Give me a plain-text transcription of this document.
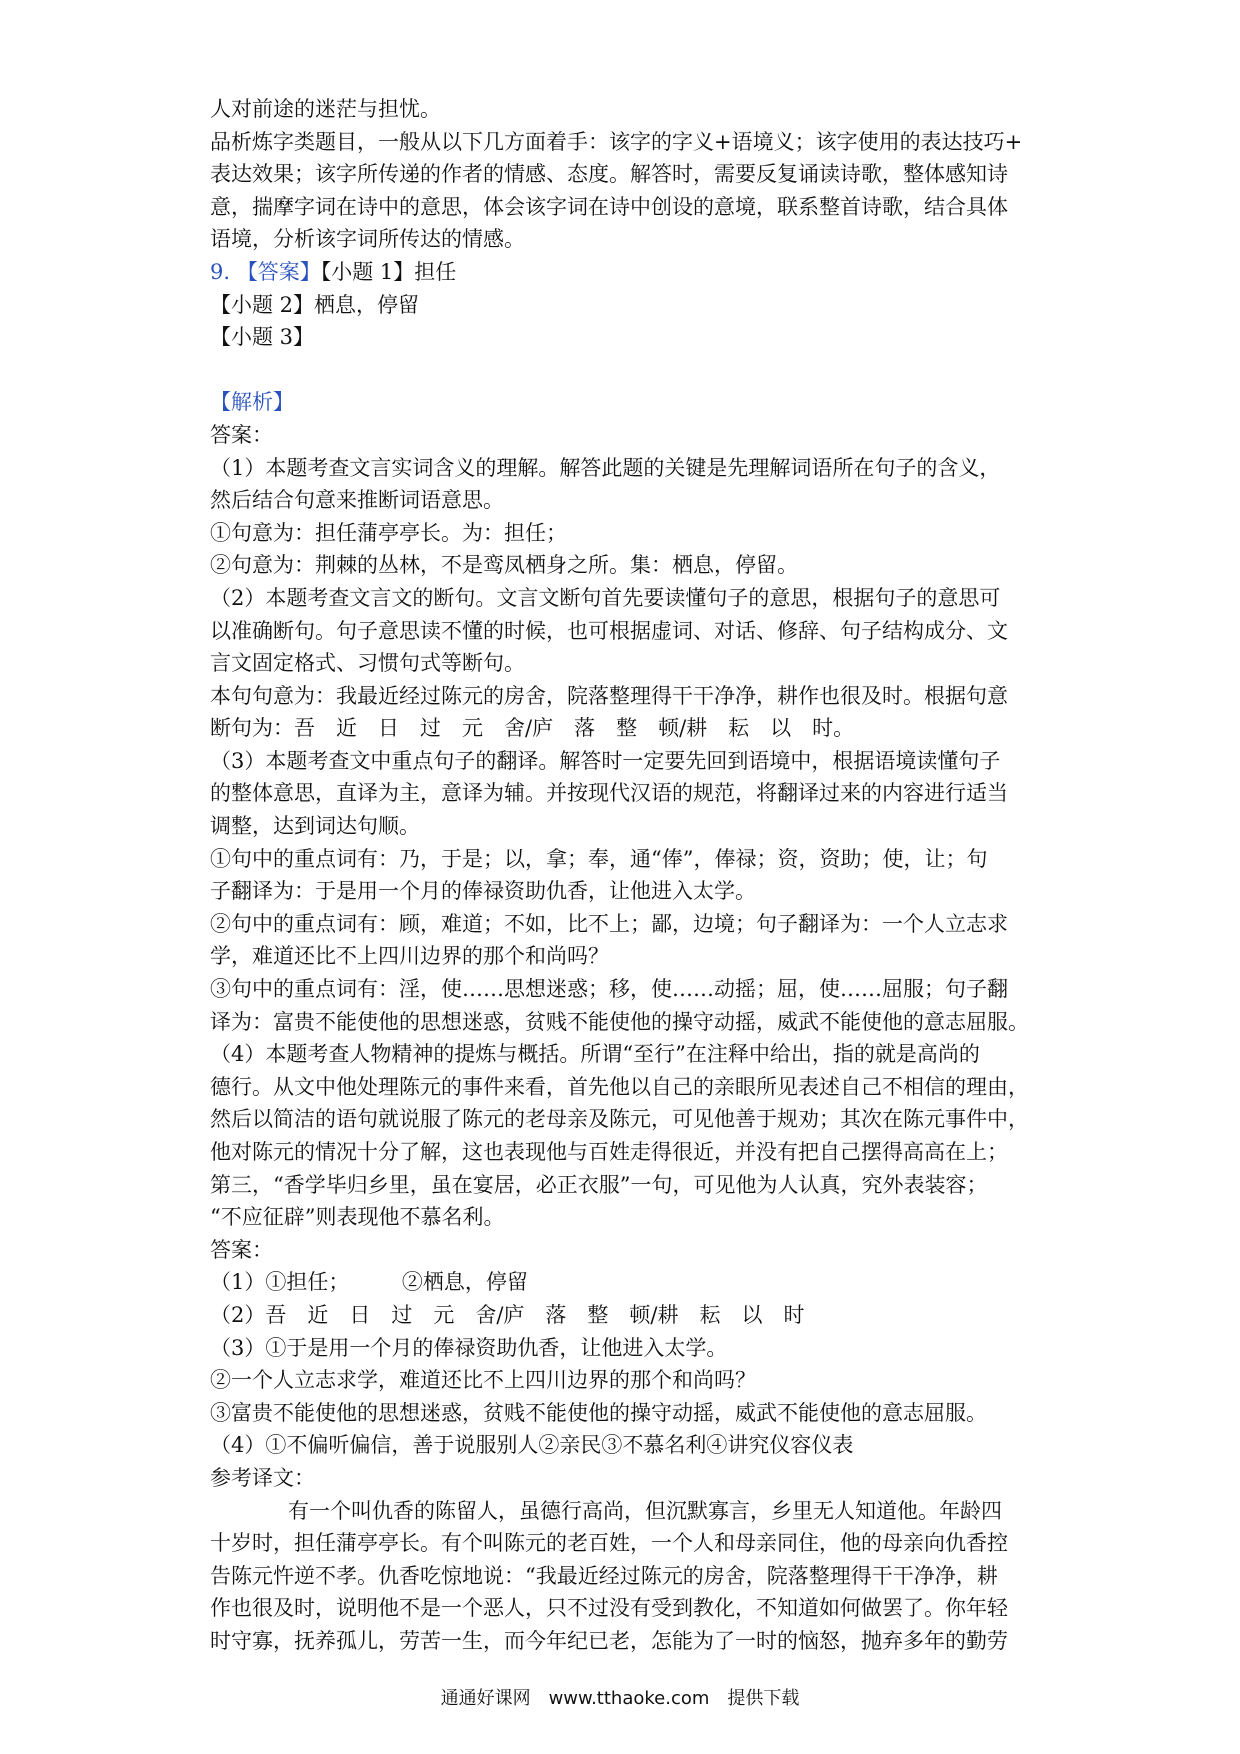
人对前途的迷茫与担忧。
品析炼字类题目，一般从以下几方面着手：该字的字义+语境义；该字使用的表达技巧+
表达效果；该字所传递的作者的情感、态度。解答时，需要反复诵读诗歌，整体感知诗
意，揣摩字词在诗中的意思，体会该字词在诗中创设的意境，联系整首诗歌，结合具体
语境，分析该字词所传达的情感。
9. 【答案】【小题 1】担任
【小题 2】栖息，停留
【小题 3】
【解析】
答案：
（1）本题考查文言实词含义的理解。解答此题的关键是先理解词语所在句子的含义，
然后结合句意来推断词语意思。
①句意为：担任蒲亭亭长。为：担任；
②句意为：荆棘的丛林，不是鸾凤栖身之所。集：栖息，停留。
（2）本题考查文言文的断句。文言文断句首先要读懂句子的意思，根据句子的意思可
以准确断句。句子意思读不懂的时候，也可根据虚词、对话、修辞、句子结构成分、文
言文固定格式、习惯句式等断句。
本句句意为：我最近经过陈元的房舍，院落整理得干干净净，耕作也很及时。根据句意
断句为：吾　近　日　过　元　舍/庐　落　整　顿/耕　耘　以　时。
（3）本题考查文中重点句子的翻译。解答时一定要先回到语境中，根据语境读懂句子
的整体意思，直译为主，意译为辅。并按现代汉语的规范，将翻译过来的内容进行适当
调整，达到词达句顺。
①句中的重点词有：乃，于是；以，拿；奉，通“俸”，俸禄；资，资助；使，让；句
子翻译为：于是用一个月的俸禄资助仇香，让他进入太学。
②句中的重点词有：顾，难道；不如，比不上；鄙，边境；句子翻译为：一个人立志求
学，难道还比不上四川边界的那个和尚吗？
③句中的重点词有：淫，使……思想迷惑；移，使……动摇；屈，使……屈服；句子翻
译为：富贵不能使他的思想迷惑，贫贱不能使他的操守动摇，威武不能使他的意志屈服。
（4）本题考查人物精神的提炼与概括。所谓“至行”在注释中给出，指的就是高尚的
德行。从文中他处理陈元的事件来看，首先他以自己的亲眼所见表述自己不相信的理由，
然后以简洁的语句就说服了陈元的老母亲及陈元，可见他善于规劝；其次在陈元事件中，
他对陈元的情况十分了解，这也表现他与百姓走得很近，并没有把自己摆得高高在上；
第三，“香学毕归乡里，虽在宴居，必正衣服”一句，可见他为人认真，究外表装容；
“不应征辟”则表现他不慕名利。
答案：
（1）①担任；　　　②栖息，停留
（2）吾　近　日　过　元　舍/庐　落　整　顿/耕　耘　以　时
（3）①于是用一个月的俸禄资助仇香，让他进入太学。
②一个人立志求学，难道还比不上四川边界的那个和尚吗？
③富贵不能使他的思想迷惑，贫贱不能使他的操守动摇，威武不能使他的意志屈服。
（4）①不偏听偏信，善于说服别人②亲民③不慕名利④讲究仪容仪表
参考译文：
有一个叫仇香的陈留人，虽德行高尚，但沉默寡言，乡里无人知道他。年龄四
十岁时，担任蒲亭亭长。有个叫陈元的老百姓，一个人和母亲同住，他的母亲向仇香控
告陈元忤逆不孝。仇香吃惊地说：“我最近经过陈元的房舍，院落整理得干干净净，耕
作也很及时，说明他不是一个恶人，只不过没有受到教化，不知道如何做罢了。你年轻
时守寡，抚养孤儿，劳苦一生，而今年纪已老，怎能为了一时的恼怒，抛弃多年的勤劳
通通好课网　www.tthaoke.com　提供下载
